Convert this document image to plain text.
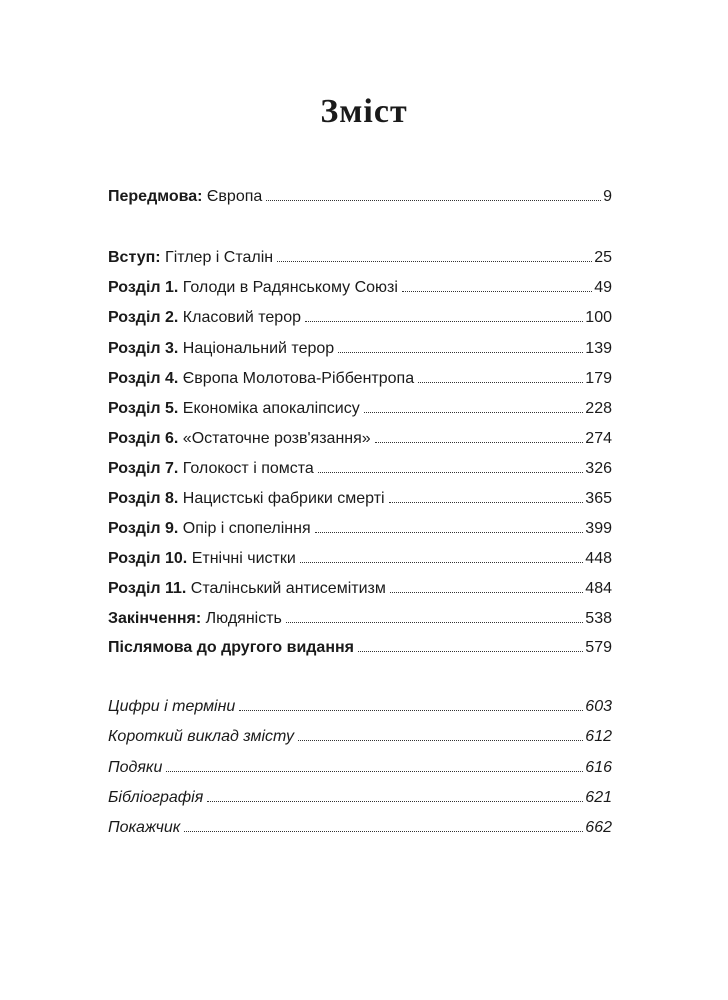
Зміст
Передмова: Європа	9
Вступ: Гітлер і Сталін	25
Розділ 1. Голоди в Радянському Союзі	49
Розділ 2. Класовий терор	100
Розділ 3. Національний терор	139
Розділ 4. Європа Молотова-Ріббентропа	179
Розділ 5. Економіка апокаліпсису	228
Розділ 6. «Остаточне розв'язання»	274
Розділ 7. Голокост і помста	326
Розділ 8. Нацистські фабрики смерті	365
Розділ 9. Опір і спопеління	399
Розділ 10. Етнічні чистки	448
Розділ 11. Сталінський антисемітизм	484
Закінчення: Людяність	538
Післямова до другого видання	579
Цифри і терміни	603
Короткий виклад змісту	612
Подяки	616
Бібліографія	621
Покажчик	662
